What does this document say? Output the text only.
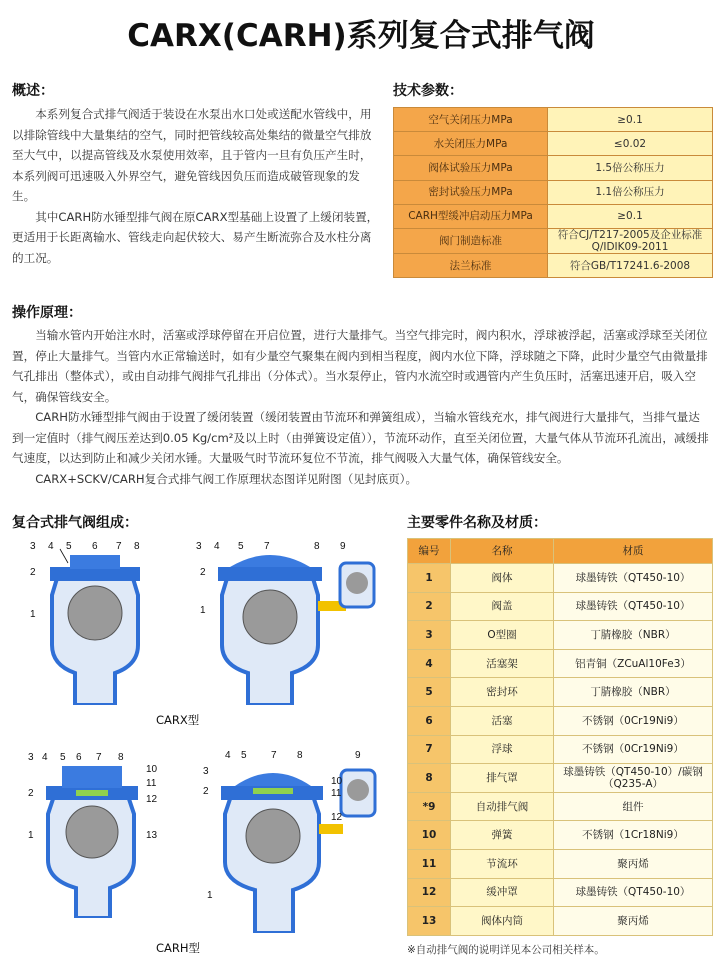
CARX(CARH)系列复合式排气阀
概述：

本系列复合式排气阀适于装设在水泵出水口处或送配水管线中，用以排除管线中大量集结的空气，同时把管线较高处集结的微量空气排放至大气中，以提高管线及水泵使用效率，且于管内一旦有负压产生时，本系列阀可迅速吸入外界空气，避免管线因负压而造成破管现象的发生。

其中CARH防水锤型排气阀在原CARX型基础上设置了上缓闭装置，更适用于长距离输水、管线走向起伏较大、易产生断流弥合及水柱分离的工况。

技术参数：
空气关闭压力MPa	≥0.1
水关闭压力MPa	≤0.02
阀体试验压力MPa	1.5倍公称压力
密封试验压力MPa	1.1倍公称压力
CARH型缓冲启动压力MPa	≥0.1
阀门制造标准	符合CJ/T217-2005及企业标准Q/IDIK09-2011
法兰标准	符合GB/T17241.6-2008
操作原理：

当输水管内开始注水时，活塞或浮球停留在开启位置，进行大量排气。当空气排完时，阀内积水，浮球被浮起，活塞或浮球至关闭位置，停止大量排气。当管内水正常输送时，如有少量空气聚集在阀内到相当程度，阀内水位下降，浮球随之下降，此时少量空气由微量排气孔排出（整体式），或由自动排气阀排气孔排出（分体式）。当水泵停止，管内水流空时或遇管内产生负压时，活塞迅速开启，吸入空气，确保管线安全。

CARH防水锤型排气阀由于设置了缓闭装置（缓闭装置由节流环和弹簧组成），当输水管线充水，排气阀进行大量排气，当排气量达到一定值时（排气阀压差达到0.05 Kg/cm²及以上时（由弹簧设定值）），节流环动作，直至关闭位置，大量气体从节流环孔流出，减缓排气速度，以达到防止和减少关闭水锤。大量吸气时节流环复位不节流，排气阀吸入大量气体，确保管线安全。

CARX+SCKV/CARH复合式排气阀工作原理状态图详见附图（见封底页）。

复合式排气阀组成：
3 4 5 6 7 8
2
1
3 4 5 7	8 9
2
1
CARX型
3 4 5 6 7 8
10
11
2
12
1	13
4 5 7 8	9
3
10
11
2
12
1
CARH型
主要零件名称及材质：
编号	名称	材质
1	阀体	球墨铸铁（QT450-10）
2	阀盖	球墨铸铁（QT450-10）
3	O型圈	丁腈橡胶（NBR）
4	活塞架	铝青铜（ZCuAl10Fe3）
5	密封环	丁腈橡胶（NBR）
6	活塞	不锈钢（0Cr19Ni9）
7	浮球	不锈钢（0Cr19Ni9）
8	排气罩	球墨铸铁（QT450-10）/碳钢（Q235-A）
*9	自动排气阀	组件
10	弹簧	不锈钢（1Cr18Ni9）
11	节流环	聚丙烯
12	缓冲罩	球墨铸铁（QT450-10）
13	阀体内筒	聚丙烯
※自动排气阀的说明详见本公司相关样本。
